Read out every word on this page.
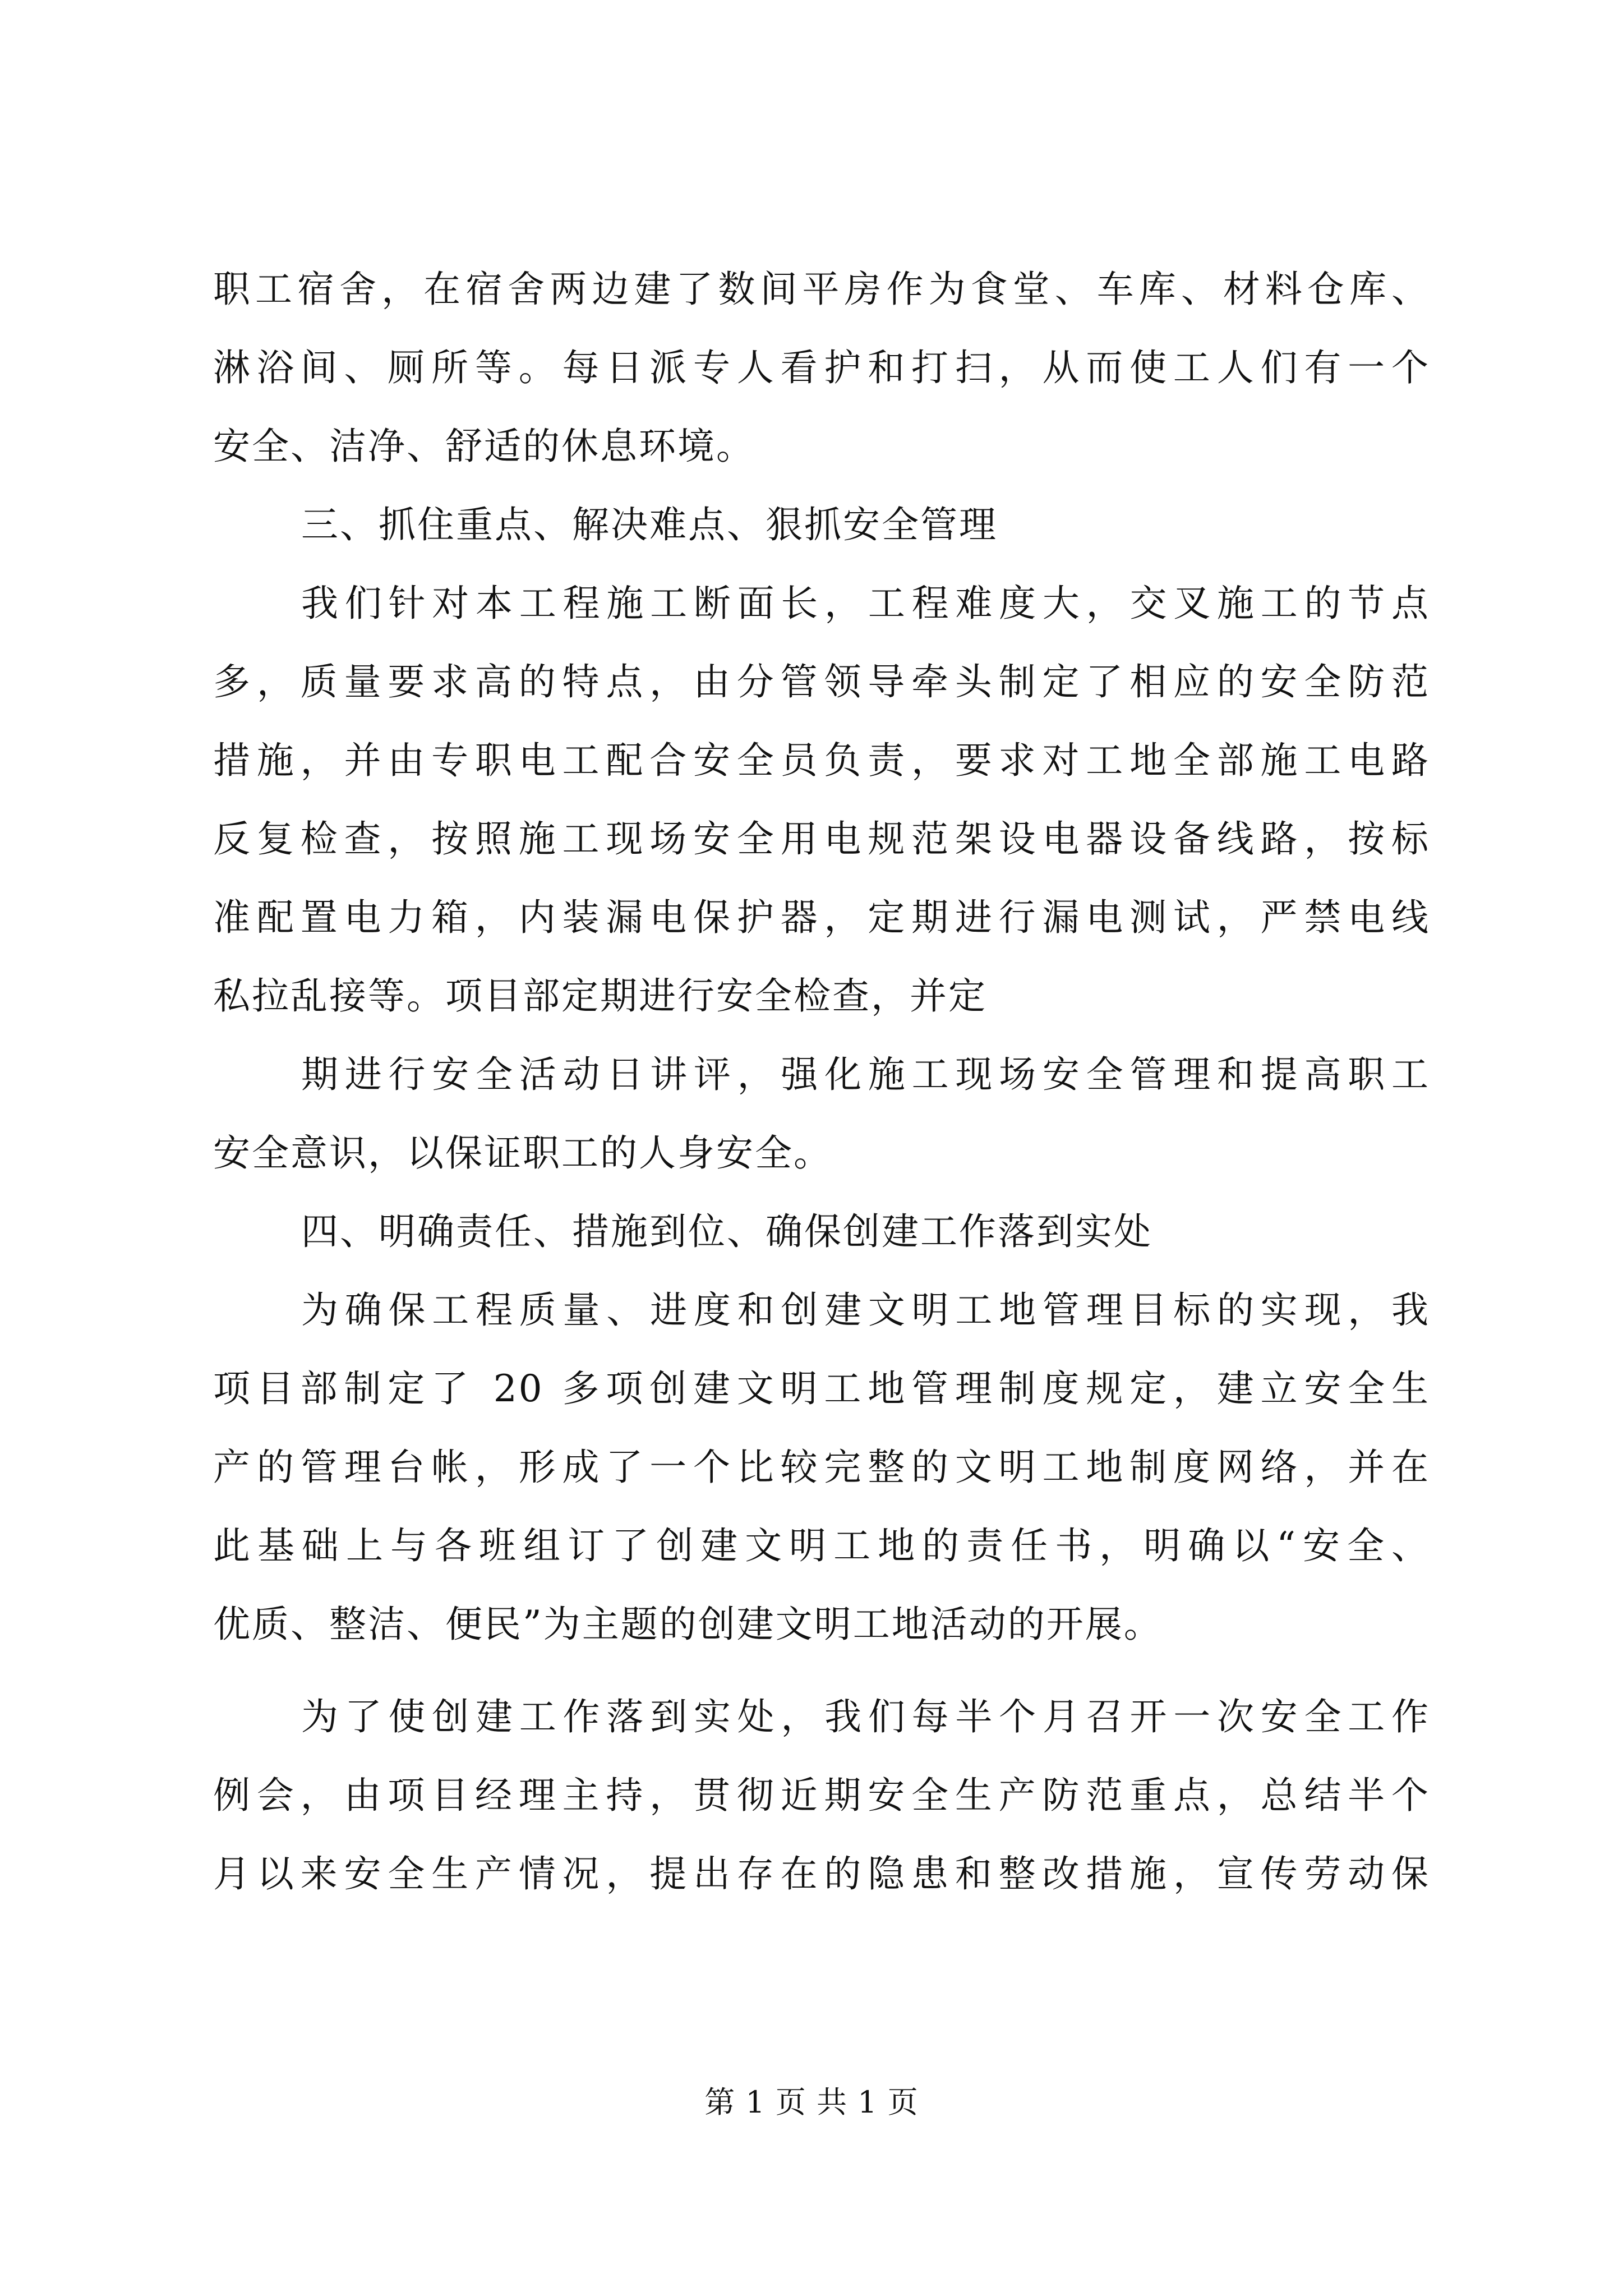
职工宿舍，在宿舍两边建了数间平房作为食堂、车库、材料仓库、
淋浴间、厕所等。每日派专人看护和打扫，从而使工人们有一个
安全、洁净、舒适的休息环境。
三、抓住重点、解决难点、狠抓安全管理
我们针对本工程施工断面长，工程难度大，交叉施工的节点
多，质量要求高的特点，由分管领导牵头制定了相应的安全防范
措施，并由专职电工配合安全员负责，要求对工地全部施工电路
反复检查，按照施工现场安全用电规范架设电器设备线路，按标
准配置电力箱，内装漏电保护器，定期进行漏电测试，严禁电线
私拉乱接等。项目部定期进行安全检查，并定
期进行安全活动日讲评，强化施工现场安全管理和提高职工
安全意识，以保证职工的人身安全。
四、明确责任、措施到位、确保创建工作落到实处
为确保工程质量、进度和创建文明工地管理目标的实现，我
项目部制定了 20 多项创建文明工地管理制度规定，建立安全生
产的管理台帐，形成了一个比较完整的文明工地制度网络，并在
此基础上与各班组订了创建文明工地的责任书，明确以“安全、
优质、整洁、便民”为主题的创建文明工地活动的开展。
为了使创建工作落到实处，我们每半个月召开一次安全工作
例会，由项目经理主持，贯彻近期安全生产防范重点，总结半个
月以来安全生产情况，提出存在的隐患和整改措施，宣传劳动保
第 1 页 共 1 页
